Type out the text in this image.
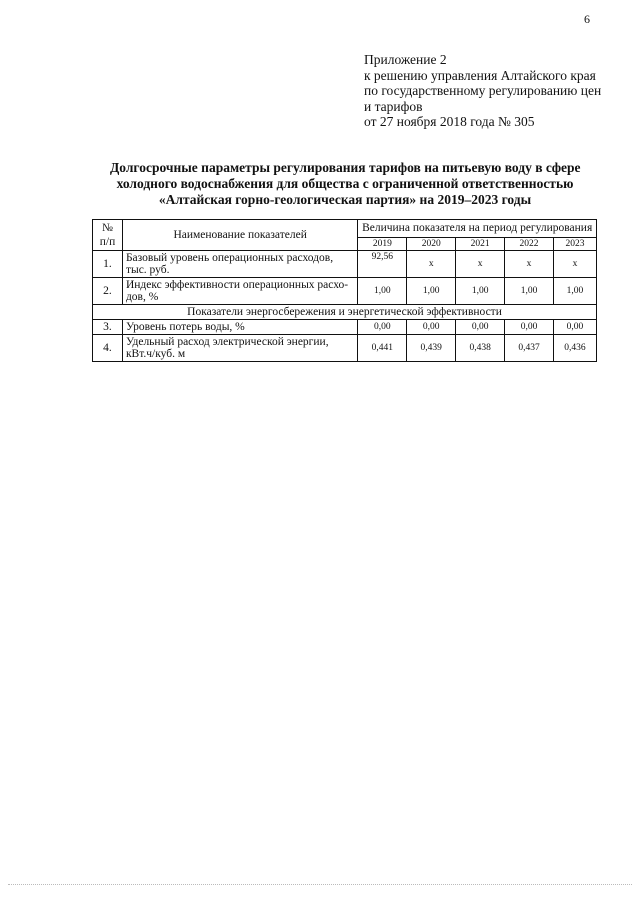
6
Приложение 2
к решению управления Алтайского края
по государственному регулированию цен
и тарифов
от 27 ноября 2018 года № 305
Долгосрочные параметры регулирования тарифов на питьевую воду в сфере
холодного водоснабжения для общества с ограниченной ответственностью
«Алтайская горно-геологическая партия» на 2019–2023 годы
№
п/п	Наименование показателей	Величина показателя на период регулирования				
		2019	2020	2021	2022	2023
1.	Базовый уровень операционных расходов, тыс. руб.	92,56	x	x	x	x
2.	Индекс эффективности операционных расхо-дов, %	1,00	1,00	1,00	1,00	1,00
Показатели энергосбережения и энергетической эффективности						
3.	Уровень потерь воды, %	0,00	0,00	0,00	0,00	0,00
4.	Удельный расход электрической энергии, кВт.ч/куб. м	0,441	0,439	0,438	0,437	0,436
